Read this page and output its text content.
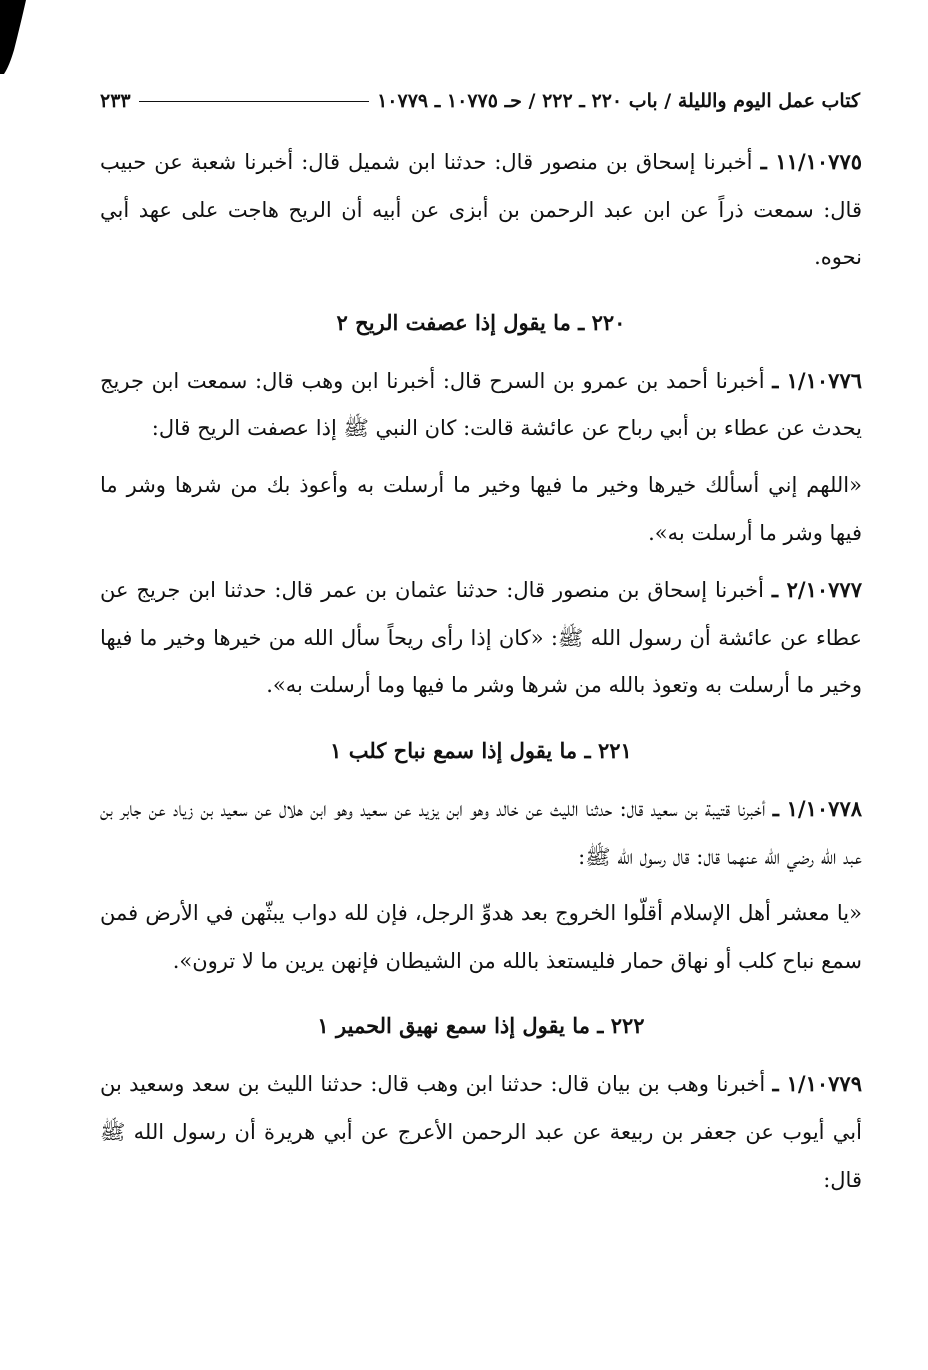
كتاب عمل اليوم والليلة / باب ٢٢٠ ـ ٢٢٢ / حـ ١٠٧٧٥ ـ ١٠٧٧٩
٢٣٣

١١/١٠٧٧٥ ـ أخبرنا إسحاق بن منصور قال: حدثنا ابن شميل قال: أخبرنا شعبة عن حبيب قال: سمعت ذراً عن ابن عبد الرحمن بن أبزى عن أبيه أن الريح هاجت على عهد أبي نحوه.

٢٢٠ ـ ما يقول إذا عصفت الريح ٢

١/١٠٧٧٦ ـ أخبرنا أحمد بن عمرو بن السرح قال: أخبرنا ابن وهب قال: سمعت ابن جريج يحدث عن عطاء بن أبي رباح عن عائشة قالت: كان النبي ﷺ إذا عصفت الريح قال:

«اللهم إني أسألك خيرها وخير ما فيها وخير ما أرسلت به وأعوذ بك من شرها وشر ما فيها وشر ما أرسلت به».

٢/١٠٧٧٧ ـ أخبرنا إسحاق بن منصور قال: حدثنا عثمان بن عمر قال: حدثنا ابن جريج عن عطاء عن عائشة أن رسول الله ﷺ: «كان إذا رأى ريحاً سأل الله من خيرها وخير ما فيها وخير ما أرسلت به وتعوذ بالله من شرها وشر ما فيها وما أرسلت به».

٢٢١ ـ ما يقول إذا سمع نباح كلب ١

١/١٠٧٧٨ ـ أخبرنا قتيبة بن سعيد قال: حدثنا الليث عن خالد وهو ابن يزيد عن سعيد وهو ابن هلال عن سعيد بن زياد عن جابر بن عبد الله رضي الله عنهما قال: قال رسول الله ﷺ:

«يا معشر أهل الإسلام أقلّوا الخروج بعد هدوِّ الرجل، فإن لله دواب يبثّهن في الأرض فمن سمع نباح كلب أو نهاق حمار فليستعذ بالله من الشيطان فإنهن يرين ما لا ترون».

٢٢٢ ـ ما يقول إذا سمع نهيق الحمير ١

١/١٠٧٧٩ ـ أخبرنا وهب بن بيان قال: حدثنا ابن وهب قال: حدثنا الليث بن سعد وسعيد بن أبي أيوب عن جعفر بن ربيعة عن عبد الرحمن الأعرج عن أبي هريرة أن رسول الله ﷺ قال:
